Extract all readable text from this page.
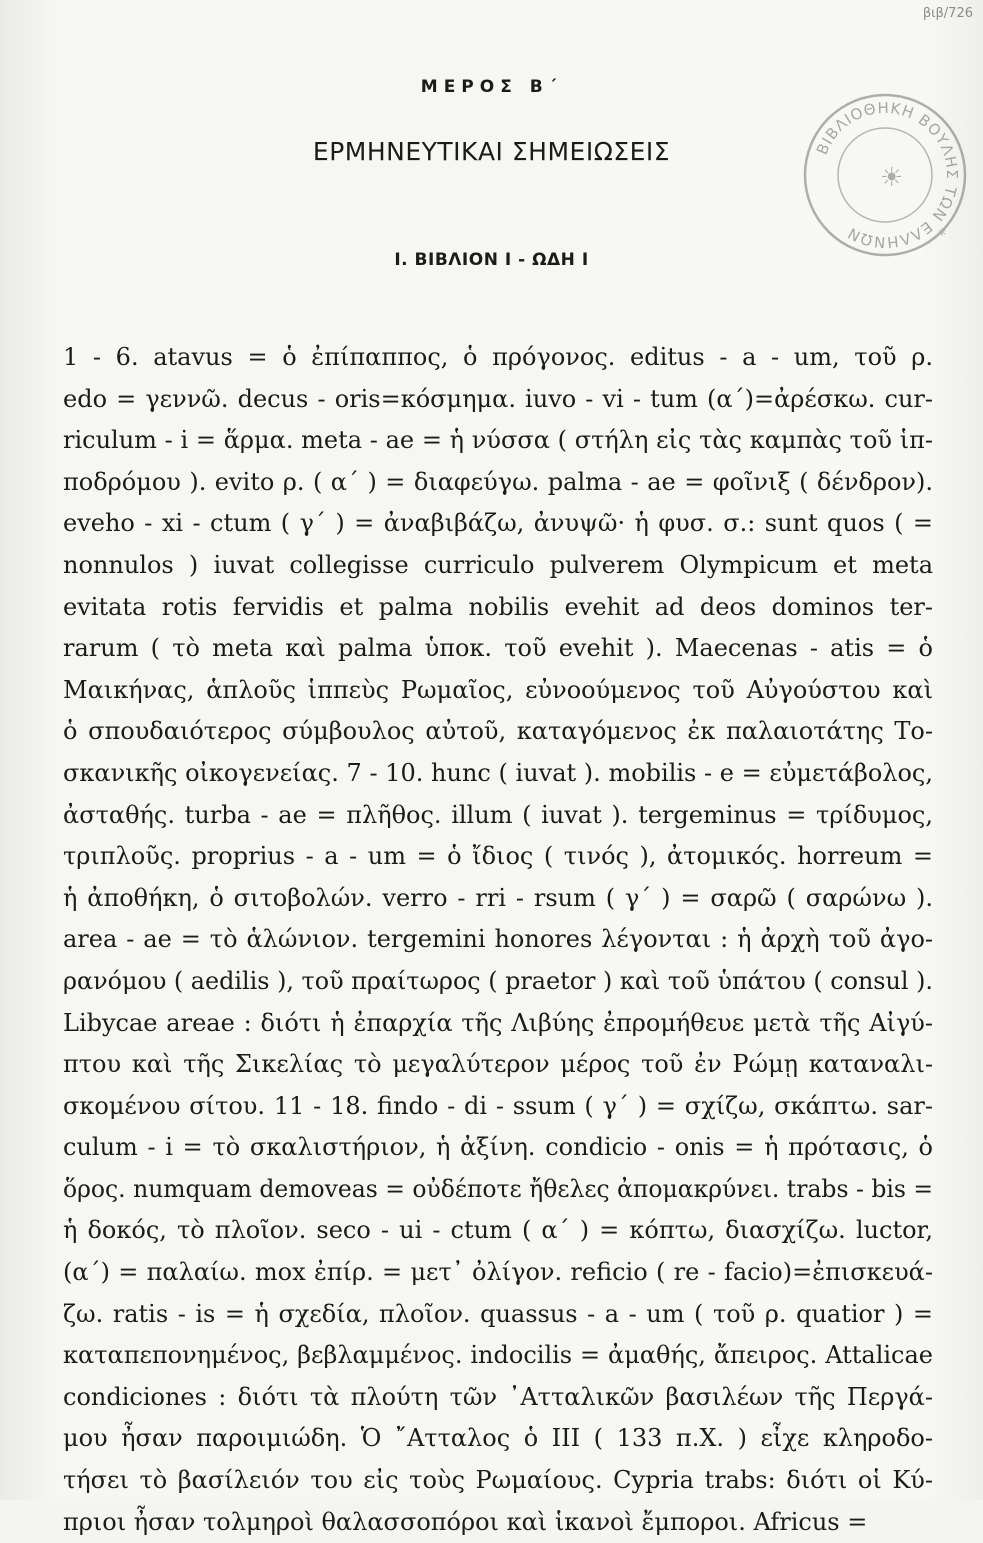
βιβ/726
ΒΙΒΛΙΟΘΗΚΗ ΒΟΥΛΗΣ ΤΩΝ ΕΛΛΗΝΩΝ
☀
*
ΜΕΡΟΣ Β΄
ΕΡΜΗΝΕΥΤΙΚΑΙ ΣΗΜΕΙΩΣΕΙΣ
Ι. ΒΙΒΛΙΟΝ Ι - ΩΔΗ Ι
1 - 6. atavus = ὁ ἐπίπαππος, ὁ πρόγονος. editus - a - um, τοῦ ρ.
edo = γεννῶ. decus - oris=κόσμημα. iuvo - vi - tum (α΄)=ἀρέσκω. cur-
riculum - i = ἅρμα. meta - ae = ἡ νύσσα ( στήλη εἰς τὰς καμπὰς τοῦ ἱπ-
ποδρόμου ). evito ρ. ( α΄ ) = διαφεύγω. palma - ae = φοῖνιξ ( δένδρον).
eveho - xi - ctum ( γ΄ ) = ἀναβιβάζω, ἀνυψῶ· ἡ φυσ. σ.: sunt quos ( =
nonnulos ) iuvat collegisse curriculo pulverem Olympicum et meta
evitata rotis fervidis et palma nobilis evehit ad deos dominos ter-
rarum ( τὸ meta καὶ palma ὑποκ. τοῦ evehit ). Maecenas - atis = ὁ
Μαικήνας, ἁπλοῦς ἱππεὺς Ρωμαῖος, εὐνοούμενος τοῦ Αὐγούστου καὶ
ὁ σπουδαιότερος σύμβουλος αὐτοῦ, καταγόμενος ἐκ παλαιοτάτης Το-
σκανικῆς οἰκογενείας. 7 - 10. hunc ( iuvat ). mobilis - e = εὐμετάβολος,
ἀσταθής. turba - ae = πλῆθος. illum ( iuvat ). tergeminus = τρίδυμος,
τριπλοῦς. proprius - a - um = ὁ ἴδιος ( τινός ), ἀτομικός. horreum =
ἡ ἀποθήκη, ὁ σιτοβολών. verro - rri - rsum ( γ΄ ) = σαρῶ ( σαρώνω ).
area - ae = τὸ ἁλώνιον. tergemini honores λέγονται : ἡ ἀρχὴ τοῦ ἀγο-
ρανόμου ( aedilis ), τοῦ πραίτωρος ( praetor ) καὶ τοῦ ὑπάτου ( consul ).
Libycae areae : διότι ἡ ἐπαρχία τῆς Λιβύης ἐπρομήθευε μετὰ τῆς Αἰγύ-
πτου καὶ τῆς Σικελίας τὸ μεγαλύτερον μέρος τοῦ ἐν Ρώμῃ καταναλι-
σκομένου σίτου. 11 - 18. findo - di - ssum ( γ΄ ) = σχίζω, σκάπτω. sar-
culum - i = τὸ σκαλιστήριον, ἡ ἀξίνη. condicio - onis = ἡ πρότασις, ὁ
ὅρος. numquam demoveas = οὐδέποτε ἤθελες ἀπομακρύνει. trabs - bis =
ἡ δοκός, τὸ πλοῖον. seco - ui - ctum ( α΄ ) = κόπτω, διασχίζω. luctor,
(α΄) = παλαίω. mox ἐπίρ. = μετ᾽ ὀλίγον. reficio ( re - facio)=ἐπισκευά-
ζω. ratis - is = ἡ σχεδία, πλοῖον. quassus - a - um ( τοῦ ρ. quatior ) =
καταπεπονημένος, βεβλαμμένος. indocilis = ἀμαθής, ἄπειρος. Attalicae
condiciones : διότι τὰ πλούτη τῶν ᾽Ατταλικῶν βασιλέων τῆς Περγά-
μου ἦσαν παροιμιώδη. Ὁ ῎Ατταλος ὁ ΙΙΙ ( 133 π.Χ. ) εἶχε κληροδο-
τήσει τὸ βασίλειόν του εἰς τοὺς Ρωμαίους. Cypria trabs: διότι οἱ Κύ-
πριοι ἦσαν τολμηροὶ θαλασσοπόροι καὶ ἱκανοὶ ἔμποροι. Africus =
